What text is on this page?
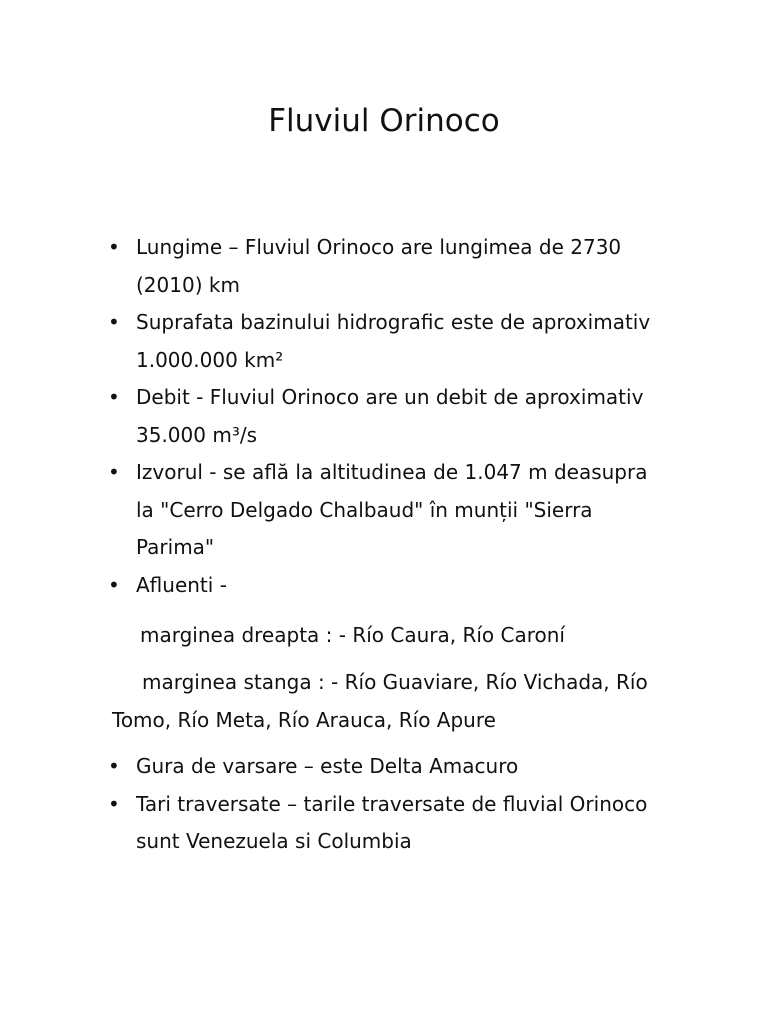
Fluviul Orinoco
• Lungime – Fluviul Orinoco are lungimea de 2730 (2010) km
• Suprafata bazinului hidrografic este de aproximativ 1.000.000 km²
• Debit - Fluviul Orinoco are un debit de aproximativ 35.000 m³/s
• Izvorul - se află la altitudinea de 1.047 m deasupra la "Cerro Delgado Chalbaud" în munții "Sierra Parima"
• Afluenti -

marginea dreapta : - Río Caura, Río Caroní

marginea stanga : - Río Guaviare, Río Vichada, Río Tomo, Río Meta, Río Arauca, Río Apure

• Gura de varsare – este Delta Amacuro
• Tari traversate – tarile traversate de fluvial Orinoco sunt Venezuela si Columbia
